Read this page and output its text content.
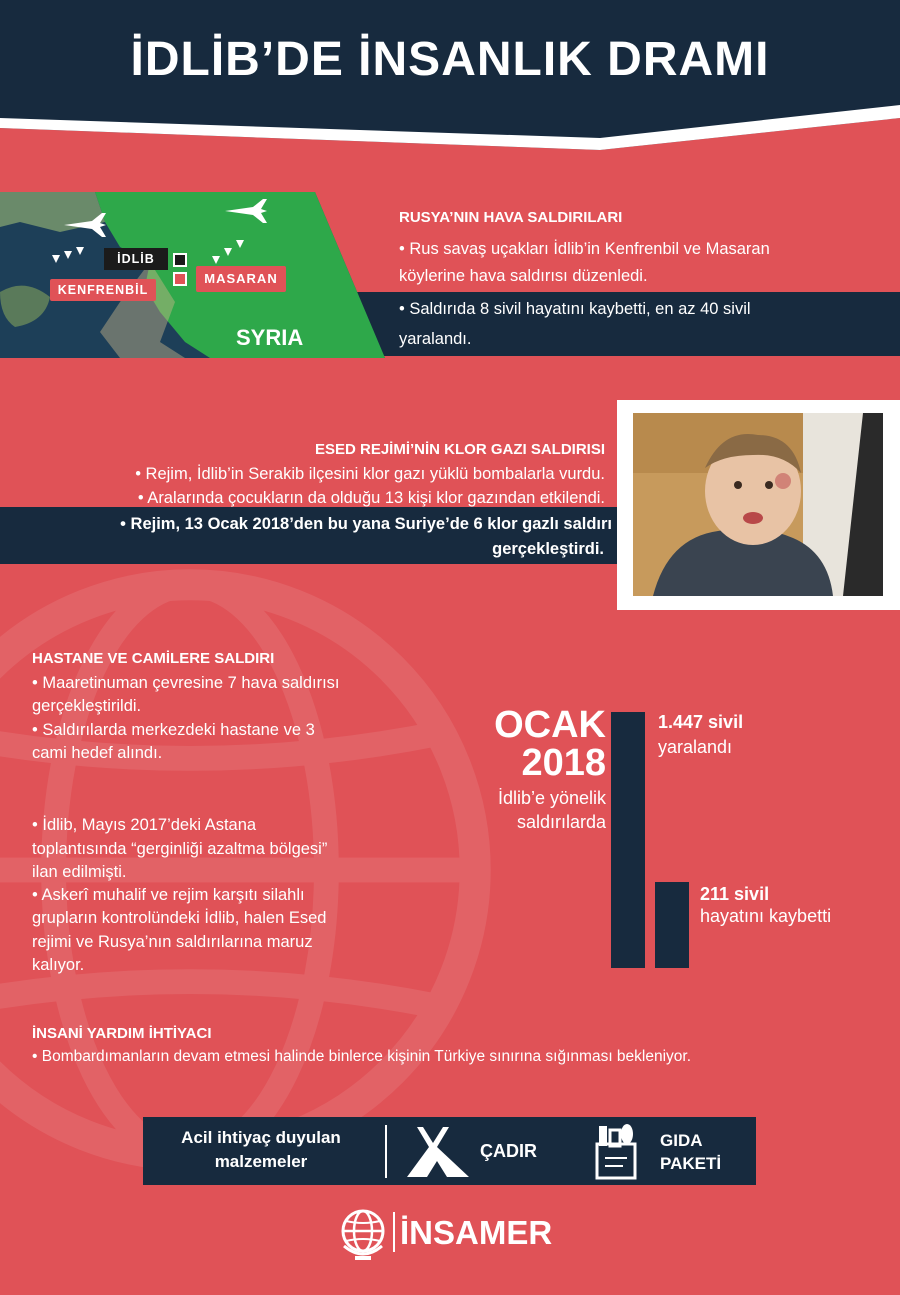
İDLİB’DE İNSANLIK DRAMI
İDLİB
KENFRENBİL
MASARAN
SYRIA
RUSYA’NIN HAVA SALDIRILARI
• Rus savaş uçakları İdlib’in Kenfrenbil ve Masaran
köylerine hava saldırısı düzenledi.
• Saldırıda 8 sivil hayatını kaybetti, en az 40 sivil
yaralandı.
ESED REJİMİ’NİN KLOR GAZI SALDIRISI
• Rejim, İdlib’in Serakib ilçesini klor gazı yüklü bombalarla vurdu.
• Aralarında çocukların da olduğu 13 kişi klor gazından etkilendi.
• Rejim, 13 Ocak 2018’den bu yana Suriye’de 6 klor gazlı saldırı
gerçekleştirdi.
HASTANE VE CAMİLERE SALDIRI
• Maaretinuman çevresine 7 hava saldırısı
gerçekleştirildi.
• Saldırılarda merkezdeki hastane ve 3
cami hedef alındı.
• İdlib, Mayıs 2017’deki Astana
toplantısında “gerginliği azaltma bölgesi”
ilan edilmişti.
• Askerî muhalif ve rejim karşıtı silahlı
grupların kontrolündeki İdlib, halen Esed
rejimi ve Rusya’nın saldırılarına maruz
kalıyor.
OCAK
2018
İdlib’e yönelik
saldırılarda
1.447 sivil
yaralandı
211 sivil
hayatını kaybetti
İNSANİ YARDIM İHTİYACI
• Bombardımanların devam etmesi halinde binlerce kişinin Türkiye sınırına sığınması bekleniyor.
Acil ihtiyaç duyulan
malzemeler
ÇADIR
GIDA
PAKETİ
İNSAMER
